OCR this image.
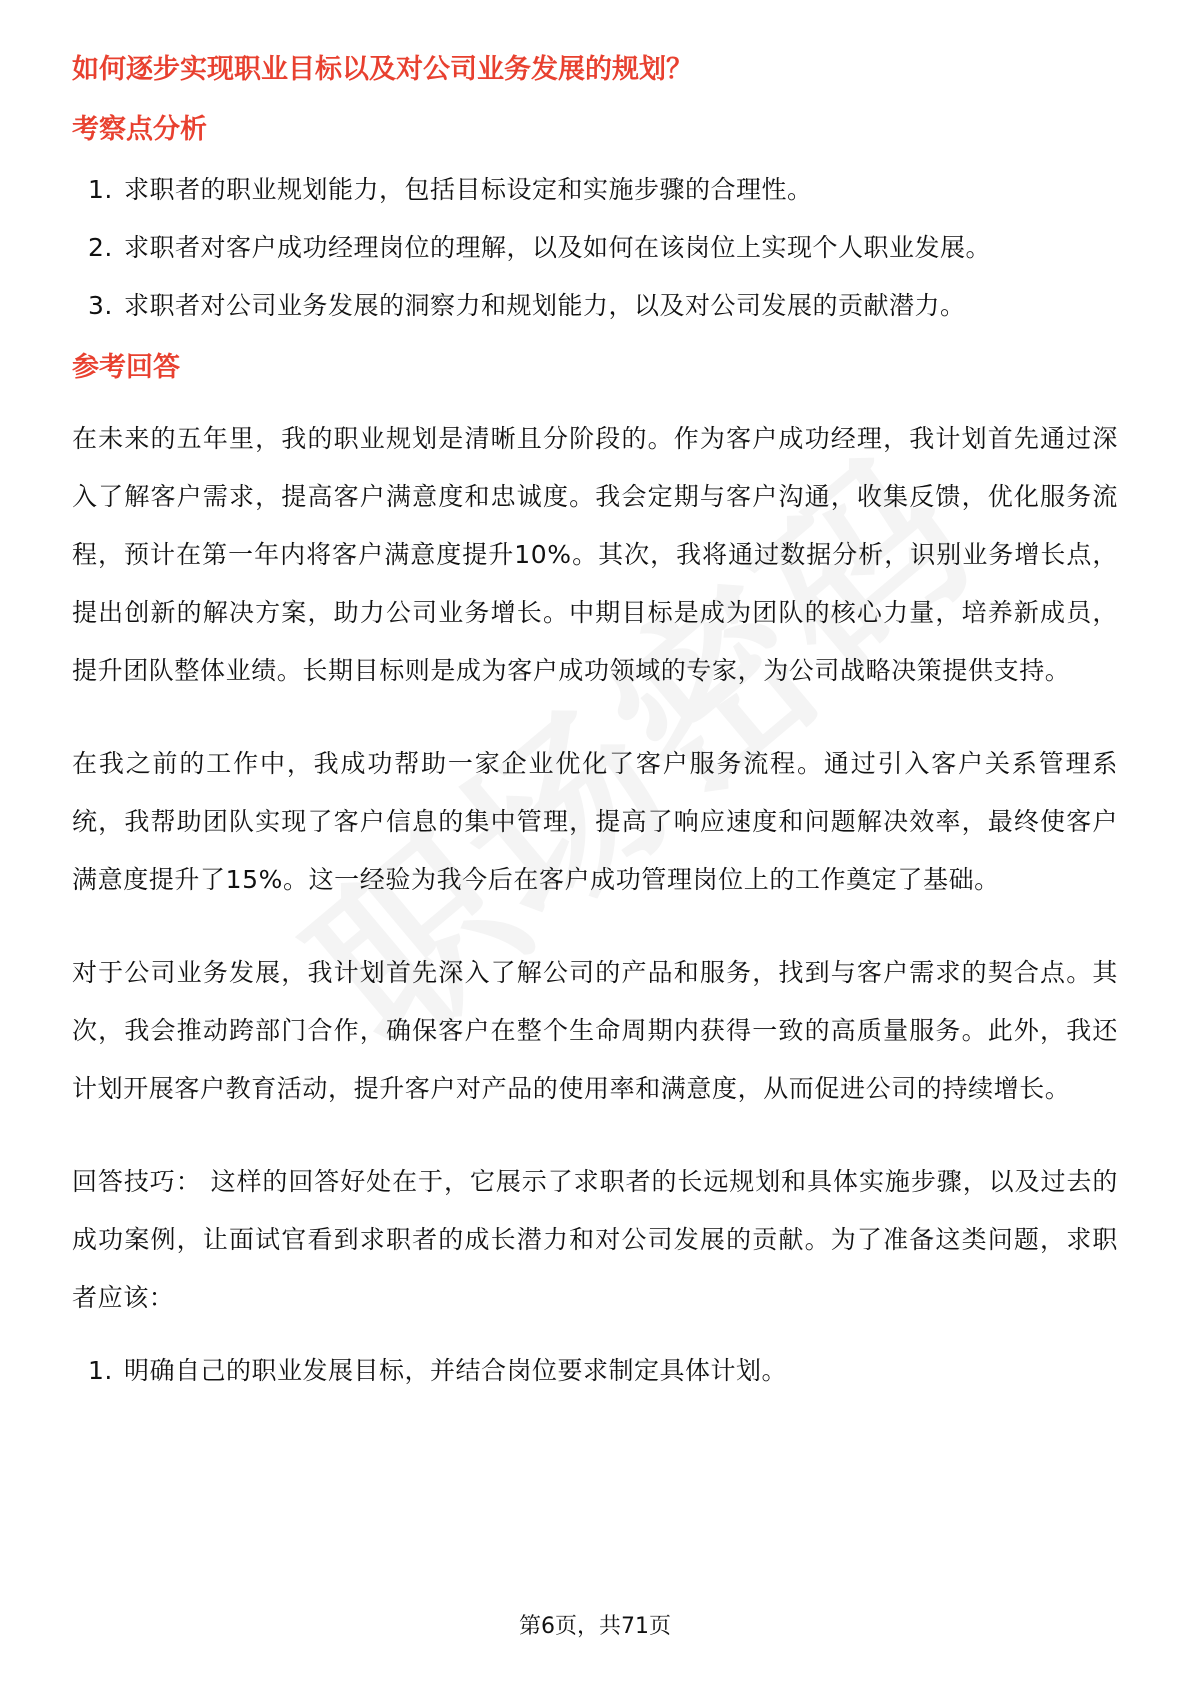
如何逐步实现职业目标以及对公司业务发展的规划？
考察点分析
1. 求职者的职业规划能力，包括目标设定和实施步骤的合理性。
2. 求职者对客户成功经理岗位的理解，以及如何在该岗位上实现个人职业发展。
3. 求职者对公司业务发展的洞察力和规划能力，以及对公司发展的贡献潜力。
参考回答

在未来的五年里，我的职业规划是清晰且分阶段的。作为客户成功经理，我计划首先通过深入了解客户需求，提高客户满意度和忠诚度。我会定期与客户沟通，收集反馈，优化服务流程，预计在第一年内将客户满意度提升10%。其次，我将通过数据分析，识别业务增长点，提出创新的解决方案，助力公司业务增长。中期目标是成为团队的核心力量，培养新成员，提升团队整体业绩。长期目标则是成为客户成功领域的专家，为公司战略决策提供支持。

在我之前的工作中，我成功帮助一家企业优化了客户服务流程。通过引入客户关系管理系统，我帮助团队实现了客户信息的集中管理，提高了响应速度和问题解决效率，最终使客户满意度提升了15%。这一经验为我今后在客户成功管理岗位上的工作奠定了基础。

对于公司业务发展，我计划首先深入了解公司的产品和服务，找到与客户需求的契合点。其次，我会推动跨部门合作，确保客户在整个生命周期内获得一致的高质量服务。此外，我还计划开展客户教育活动，提升客户对产品的使用率和满意度，从而促进公司的持续增长。

回答技巧： 这样的回答好处在于，它展示了求职者的长远规划和具体实施步骤，以及过去的成功案例，让面试官看到求职者的成长潜力和对公司发展的贡献。为了准备这类问题，求职者应该：

1. 明确自己的职业发展目标，并结合岗位要求制定具体计划。
第6页，共71页
